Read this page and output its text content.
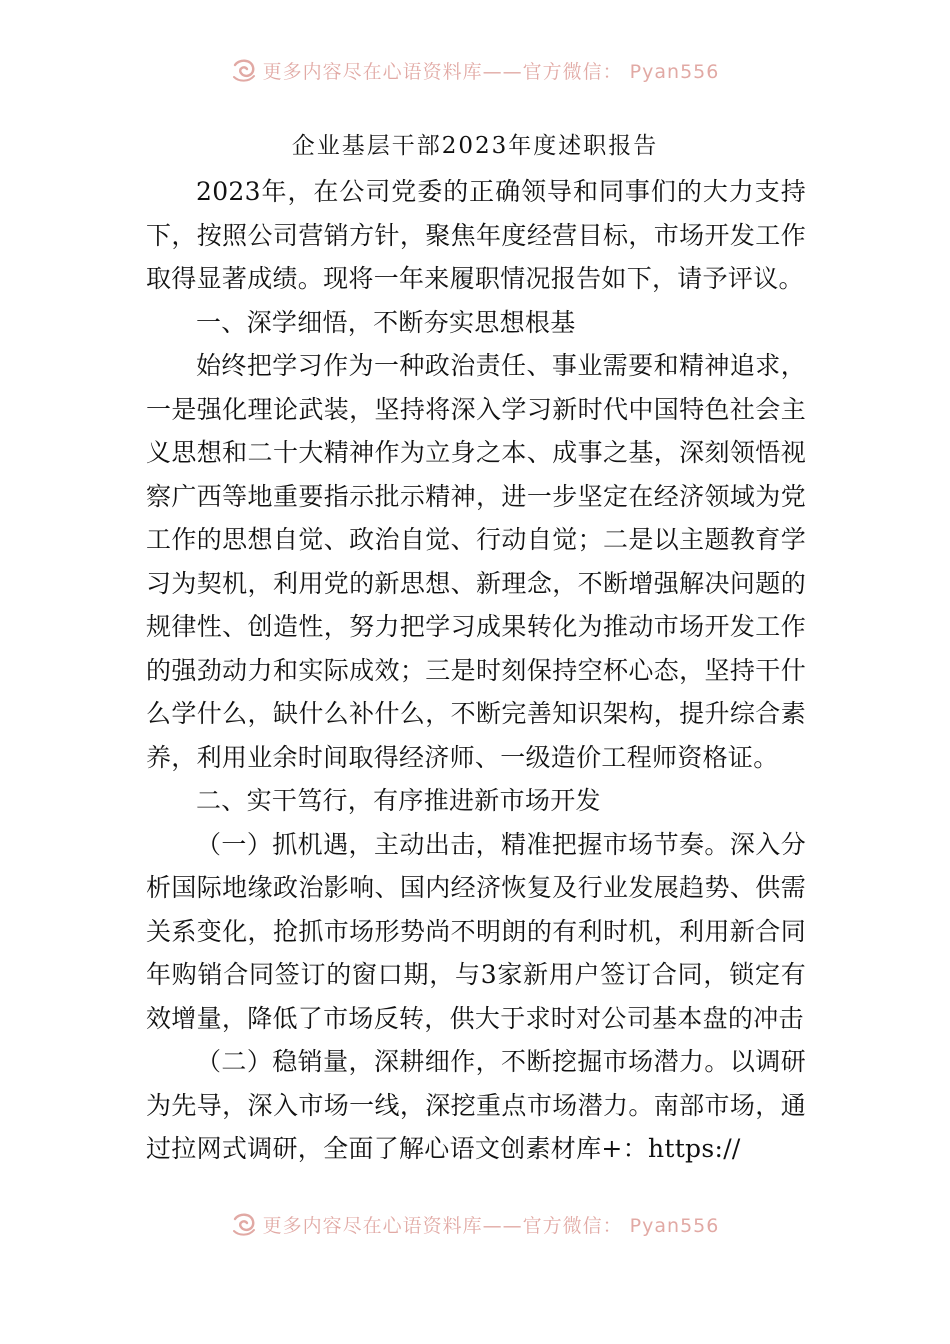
更多内容尽在心语资料库——官方微信： Pyan556
企业基层干部2023年度述职报告

2023年，在公司党委的正确领导和同事们的大力支持下，按照公司营销方针，聚焦年度经营目标，市场开发工作取得显著成绩。现将一年来履职情况报告如下，请予评议。

一、深学细悟，不断夯实思想根基

始终把学习作为一种政治责任、事业需要和精神追求，一是强化理论武装，坚持将深入学习新时代中国特色社会主义思想和二十大精神作为立身之本、成事之基，深刻领悟视察广西等地重要指示批示精神，进一步坚定在经济领域为党工作的思想自觉、政治自觉、行动自觉；二是以主题教育学习为契机，利用党的新思想、新理念，不断增强解决问题的规律性、创造性，努力把学习成果转化为推动市场开发工作的强劲动力和实际成效；三是时刻保持空杯心态，坚持干什么学什么，缺什么补什么，不断完善知识架构，提升综合素养，利用业余时间取得经济师、一级造价工程师资格证。

二、实干笃行，有序推进新市场开发

（一）抓机遇，主动出击，精准把握市场节奏。深入分析国际地缘政治影响、国内经济恢复及行业发展趋势、供需关系变化，抢抓市场形势尚不明朗的有利时机，利用新合同年购销合同签订的窗口期，与3家新用户签订合同，锁定有效增量，降低了市场反转，供大于求时对公司基本盘的冲击

（二）稳销量，深耕细作，不断挖掘市场潜力。以调研为先导，深入市场一线，深挖重点市场潜力。南部市场，通过拉网式调研，全面了解心语文创素材库+：https://

更多内容尽在心语资料库——官方微信： Pyan556
